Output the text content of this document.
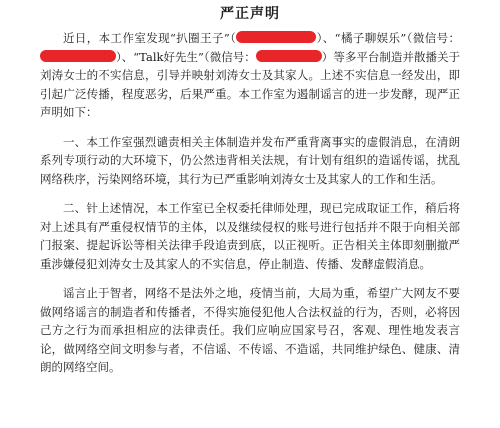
严正声明

近日，本工作室发现“扒圈王子”（	）、“橘子聊娱乐”（微信号：）、“Talk好先生”（微信号：	）等多平台制造并散播关于刘涛女士的不实信息，引导并映射刘涛女士及其家人。上述不实信息一经发出，即引起广泛传播，程度恶劣，后果严重。本工作室为遏制谣言的进一步发酵，现严正声明如下：

一、本工作室强烈谴责相关主体制造并发布严重背离事实的虚假消息，在清朗系列专项行动的大环境下，仍公然违背相关法规，有计划有组织的造谣传谣，扰乱网络秩序，污染网络环境，其行为已严重影响刘涛女士及其家人的工作和生活。

二、针上述情况，本工作室已全权委托律师处理，现已完成取证工作，稍后将对上述具有严重侵权情节的主体，以及继续侵权的账号进行包括并不限于向相关部门报案、提起诉讼等相关法律手段追责到底，以正视听。正告相关主体即刻删撤严重涉嫌侵犯刘涛女士及其家人的不实信息，停止制造、传播、发酵虚假消息。

谣言止于智者，网络不是法外之地，疫情当前，大局为重，希望广大网友不要做网络谣言的制造者和传播者，不得实施侵犯他人合法权益的行为，否则，必将因己方之行为而承担相应的法律责任。我们应响应国家号召，客观、理性地发表言论，做网络空间文明参与者，不信谣、不传谣、不造谣，共同维护绿色、健康、清朗的网络空间。
